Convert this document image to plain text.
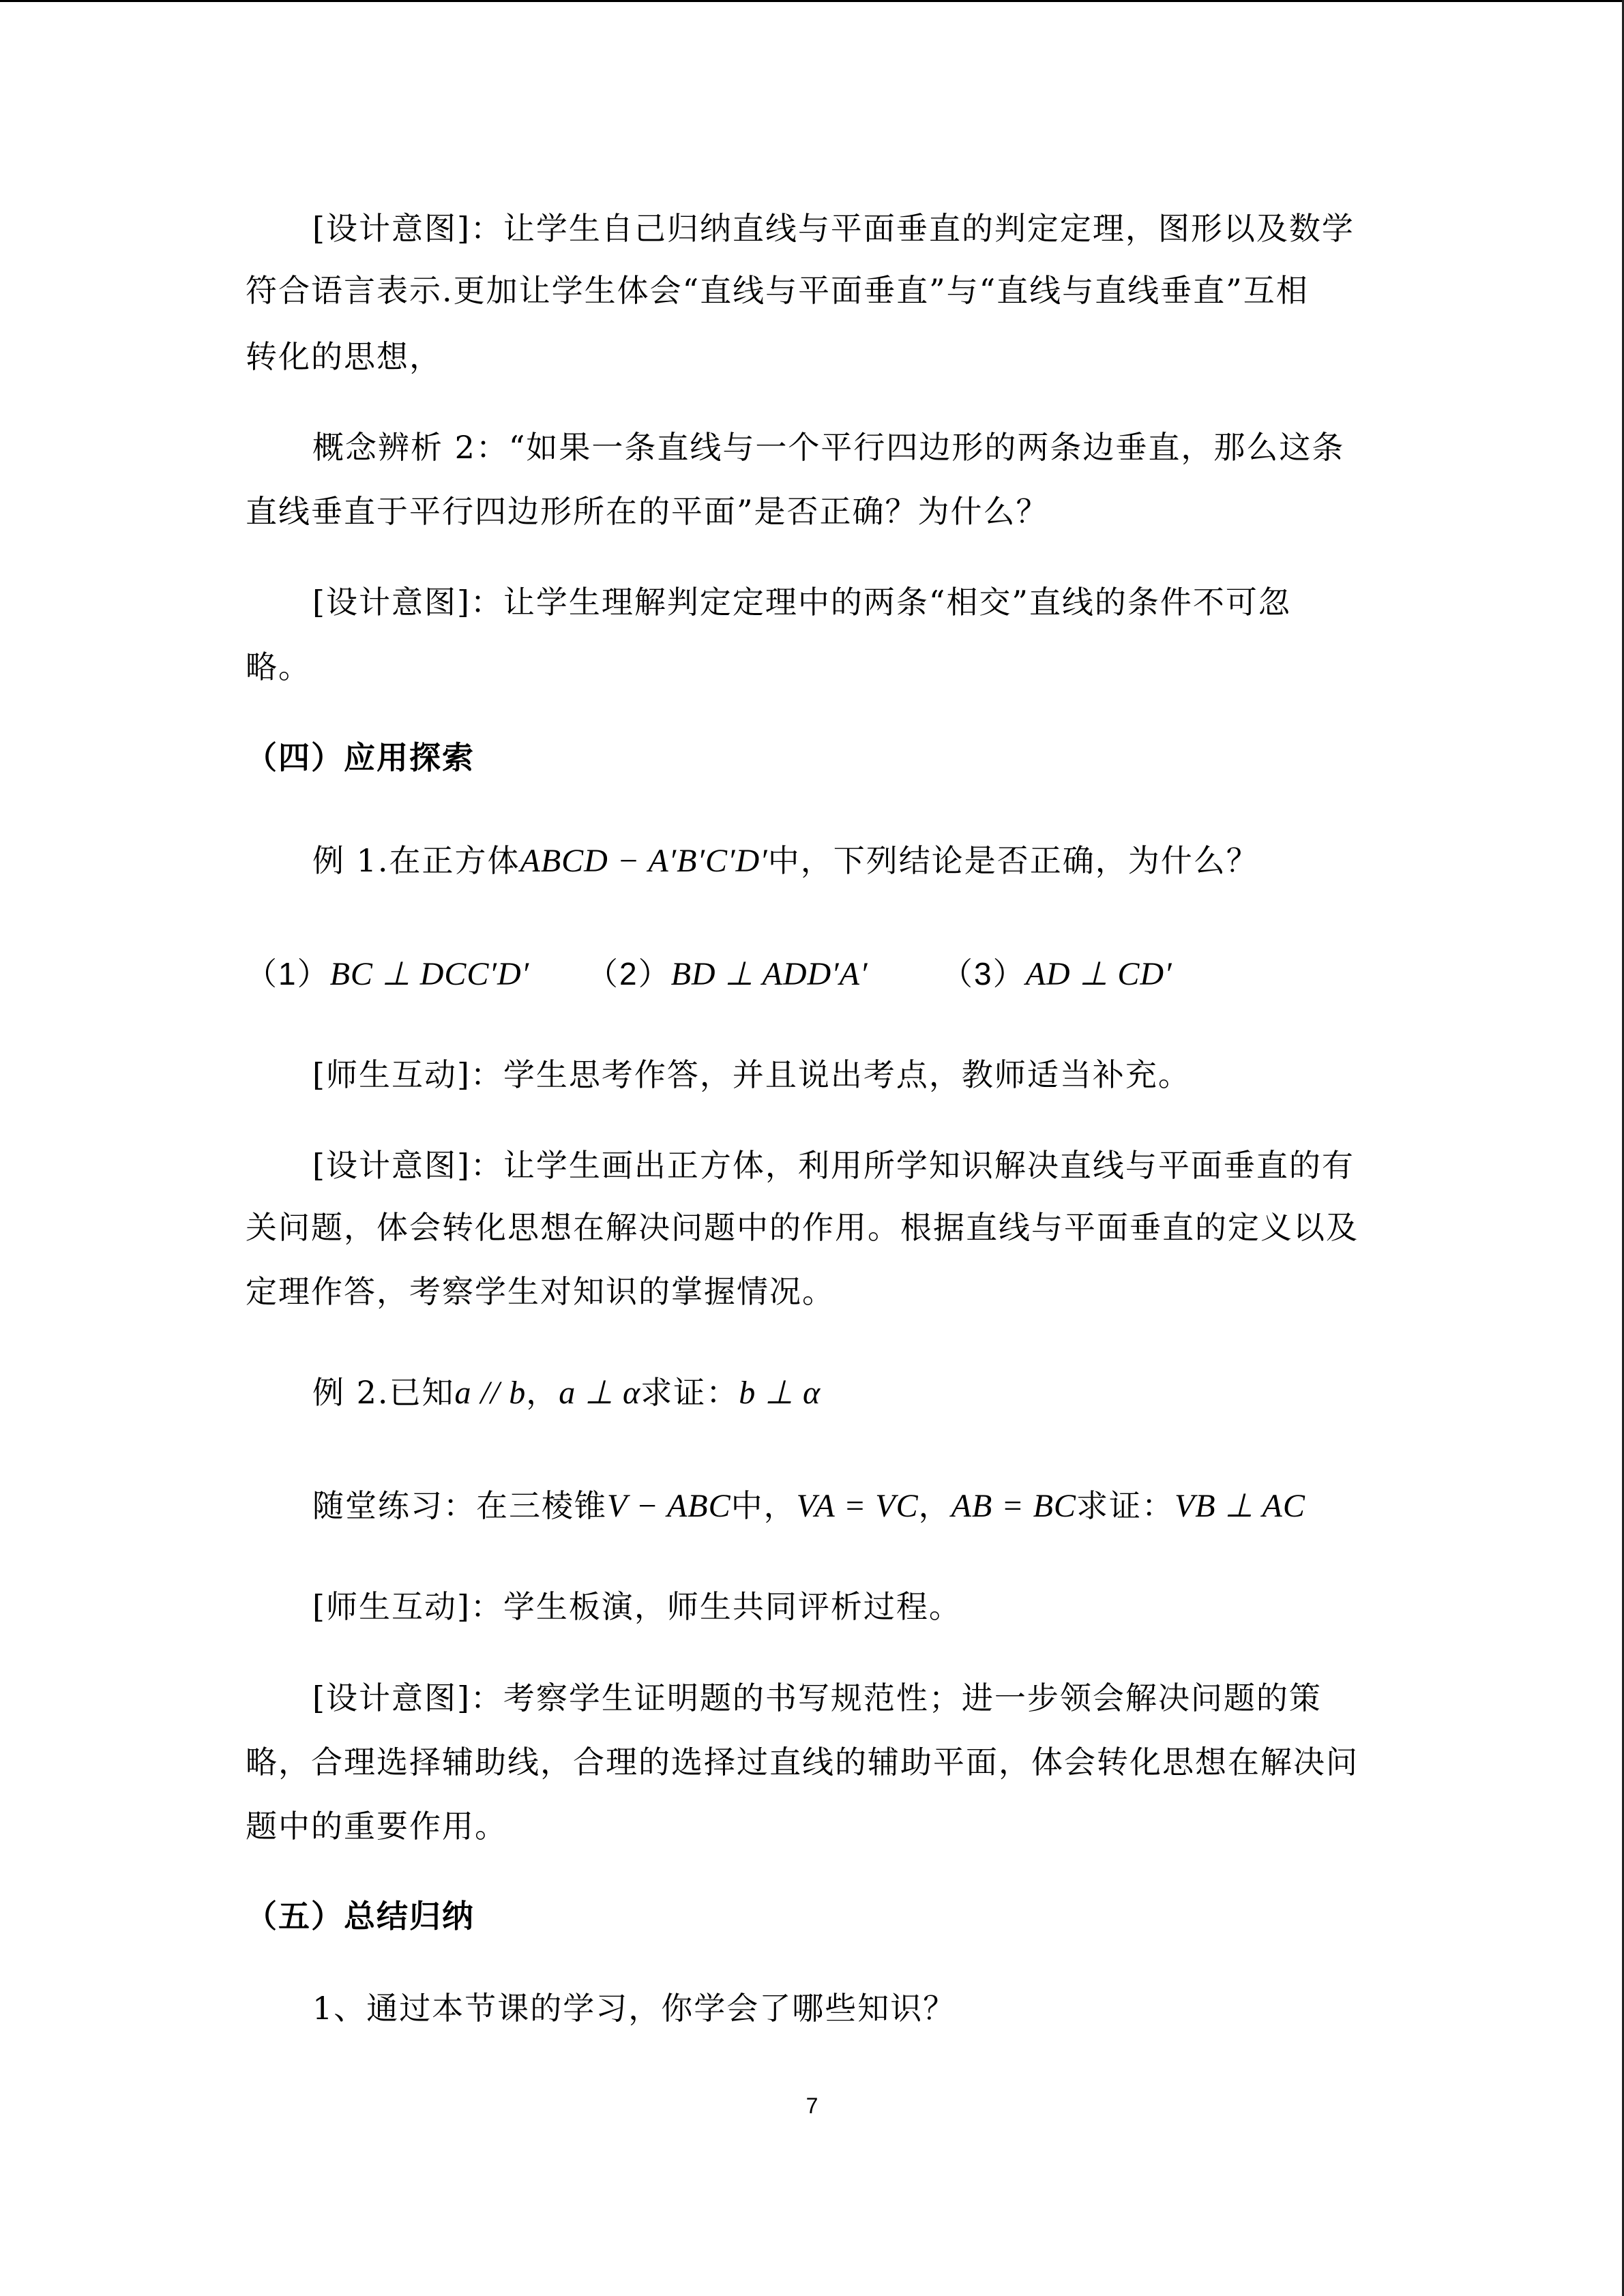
[设计意图]：让学生自己归纳直线与平面垂直的判定定理，图形以及数学
符合语言表示.更加让学生体会“直线与平面垂直”与“直线与直线垂直”互相
转化的思想，
概念辨析 2：“如果一条直线与一个平行四边形的两条边垂直，那么这条
直线垂直于平行四边形所在的平面”是否正确？为什么？
[设计意图]：让学生理解判定定理中的两条“相交”直线的条件不可忽
略。
（四）应用探索
例 1.在正方体ABCD − A′B′C′D′中，下列结论是否正确，为什么？
（1）BC ⊥ DCC′D′ （2）BD ⊥ ADD′A′ （3）AD ⊥ CD′
[师生互动]：学生思考作答，并且说出考点，教师适当补充。
[设计意图]：让学生画出正方体，利用所学知识解决直线与平面垂直的有
关问题，体会转化思想在解决问题中的作用。根据直线与平面垂直的定义以及
定理作答，考察学生对知识的掌握情况。
例 2.已知a // b，a ⊥ α求证：b ⊥ α
随堂练习：在三棱锥V − ABC中，VA = VC，AB = BC求证：VB ⊥ AC
[师生互动]：学生板演，师生共同评析过程。
[设计意图]：考察学生证明题的书写规范性；进一步领会解决问题的策
略，合理选择辅助线，合理的选择过直线的辅助平面，体会转化思想在解决问
题中的重要作用。
（五）总结归纳
1、通过本节课的学习，你学会了哪些知识？
7
